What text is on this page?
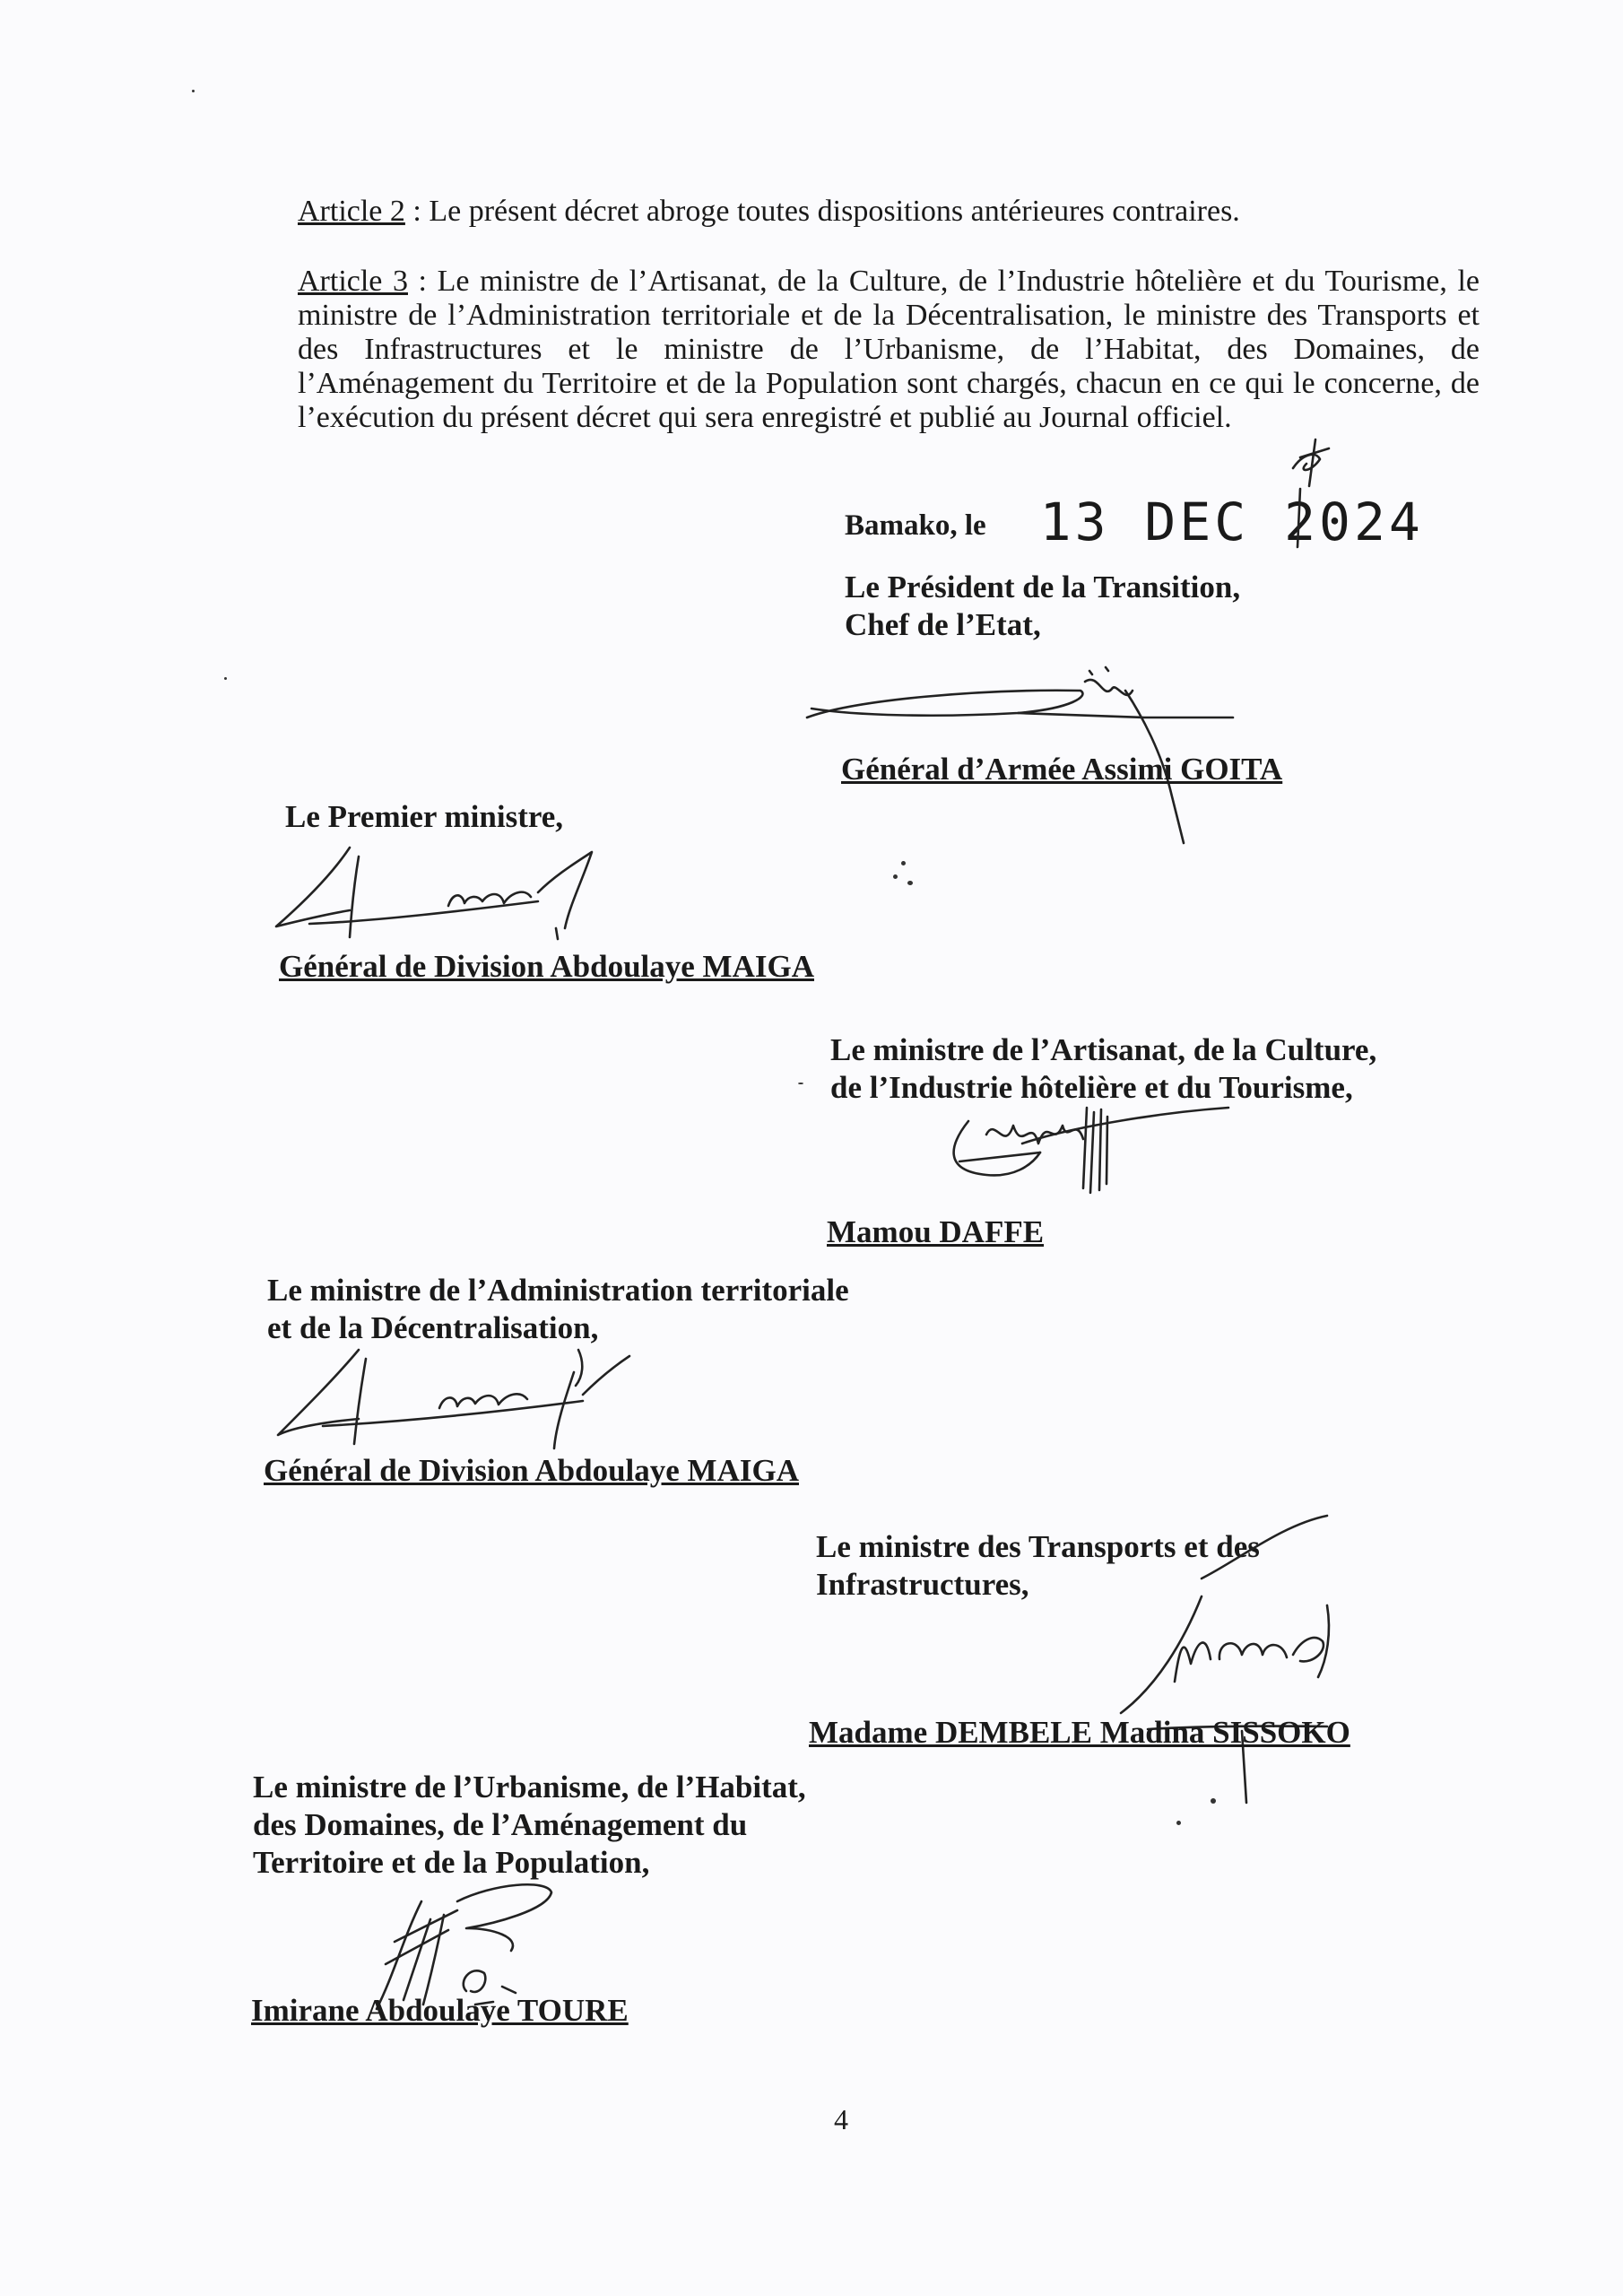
Article 2 : Le présent décret abroge toutes dispositions antérieures contraires.
Article 3 : Le ministre de l’Artisanat, de la Culture, de l’Industrie hôtelière et du Tourisme, le ministre de l’Administration territoriale et de la Décentralisation, le ministre des Transports et des Infrastructures et le ministre de l’Urbanisme, de l’Habitat, des Domaines, de l’Aménagement du Territoire et de la Population sont chargés, chacun en ce qui le concerne, de l’exécution du présent décret qui sera enregistré et publié au Journal officiel.
Bamako, le 13 DEC 2024
Le Président de la Transition,
Chef de l’Etat,
Général d’Armée Assimi GOITA
Le Premier ministre,
Général de Division Abdoulaye MAIGA
Le ministre de l’Artisanat, de la Culture,
de l’Industrie hôtelière et du Tourisme,
Mamou DAFFE
Le ministre de l’Administration territoriale
et de la Décentralisation,
Général de Division Abdoulaye MAIGA
Le ministre des Transports et des
Infrastructures,
Madame DEMBELE Madina SISSOKO
Le ministre de l’Urbanisme, de l’Habitat,
des Domaines, de l’Aménagement du
Territoire et de la Population,
Imirane Abdoulaye TOURE
4
